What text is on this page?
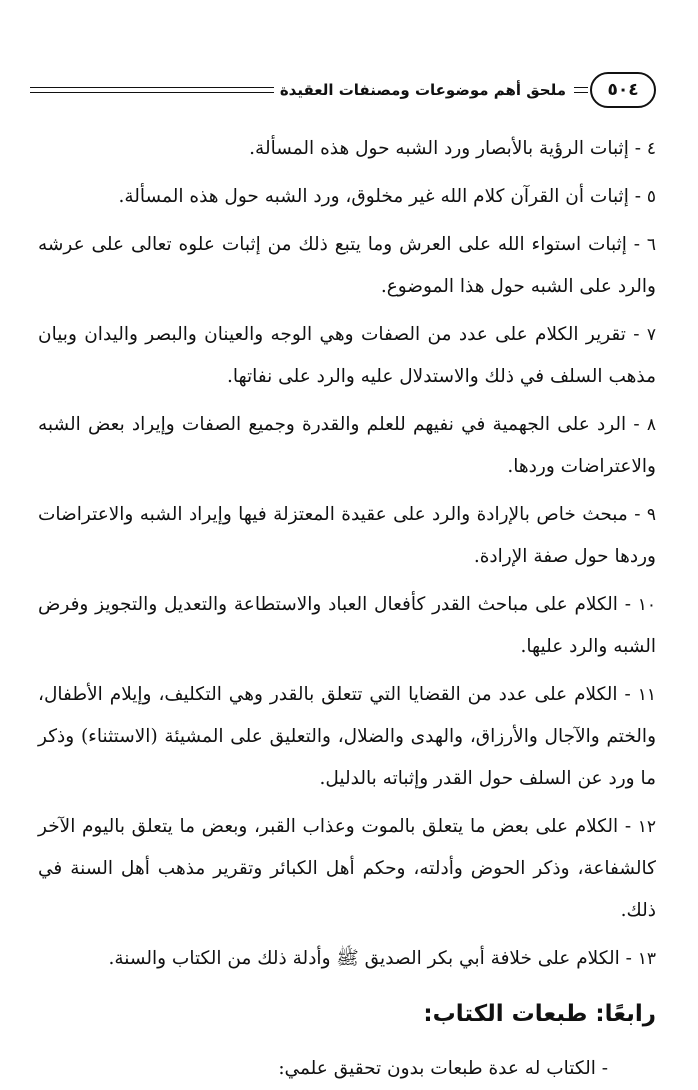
٥٠٤
ملحق أهم موضوعات ومصنفات العقيدة

٤ - إثبات الرؤية بالأبصار ورد الشبه حول هذه المسألة.

٥ - إثبات أن القرآن كلام الله غير مخلوق، ورد الشبه حول هذه المسألة.

٦ - إثبات استواء الله على العرش وما يتبع ذلك من إثبات علوه تعالى على عرشه والرد على الشبه حول هذا الموضوع.

٧ - تقرير الكلام على عدد من الصفات وهي الوجه والعينان والبصر واليدان وبيان مذهب السلف في ذلك والاستدلال عليه والرد على نفاتها.

٨ - الرد على الجهمية في نفيهم للعلم والقدرة وجميع الصفات وإيراد بعض الشبه والاعتراضات وردها.

٩ - مبحث خاص بالإرادة والرد على عقيدة المعتزلة فيها وإيراد الشبه والاعتراضات وردها حول صفة الإرادة.

١٠ - الكلام على مباحث القدر كأفعال العباد والاستطاعة والتعديل والتجويز وفرض الشبه والرد عليها.

١١ - الكلام على عدد من القضايا التي تتعلق بالقدر وهي التكليف، وإيلام الأطفال، والختم والآجال والأرزاق، والهدى والضلال، والتعليق على المشيئة (الاستثناء) وذكر ما ورد عن السلف حول القدر وإثباته بالدليل.

١٢ - الكلام على بعض ما يتعلق بالموت وعذاب القبر، وبعض ما يتعلق باليوم الآخر كالشفاعة، وذكر الحوض وأدلته، وحكم أهل الكبائر وتقرير مذهب أهل السنة في ذلك.

١٣ - الكلام على خلافة أبي بكر الصديق ﷺ وأدلة ذلك من الكتاب والسنة.

رابعًا: طبعات الكتاب:

- الكتاب له عدة طبعات بدون تحقيق علمي:
